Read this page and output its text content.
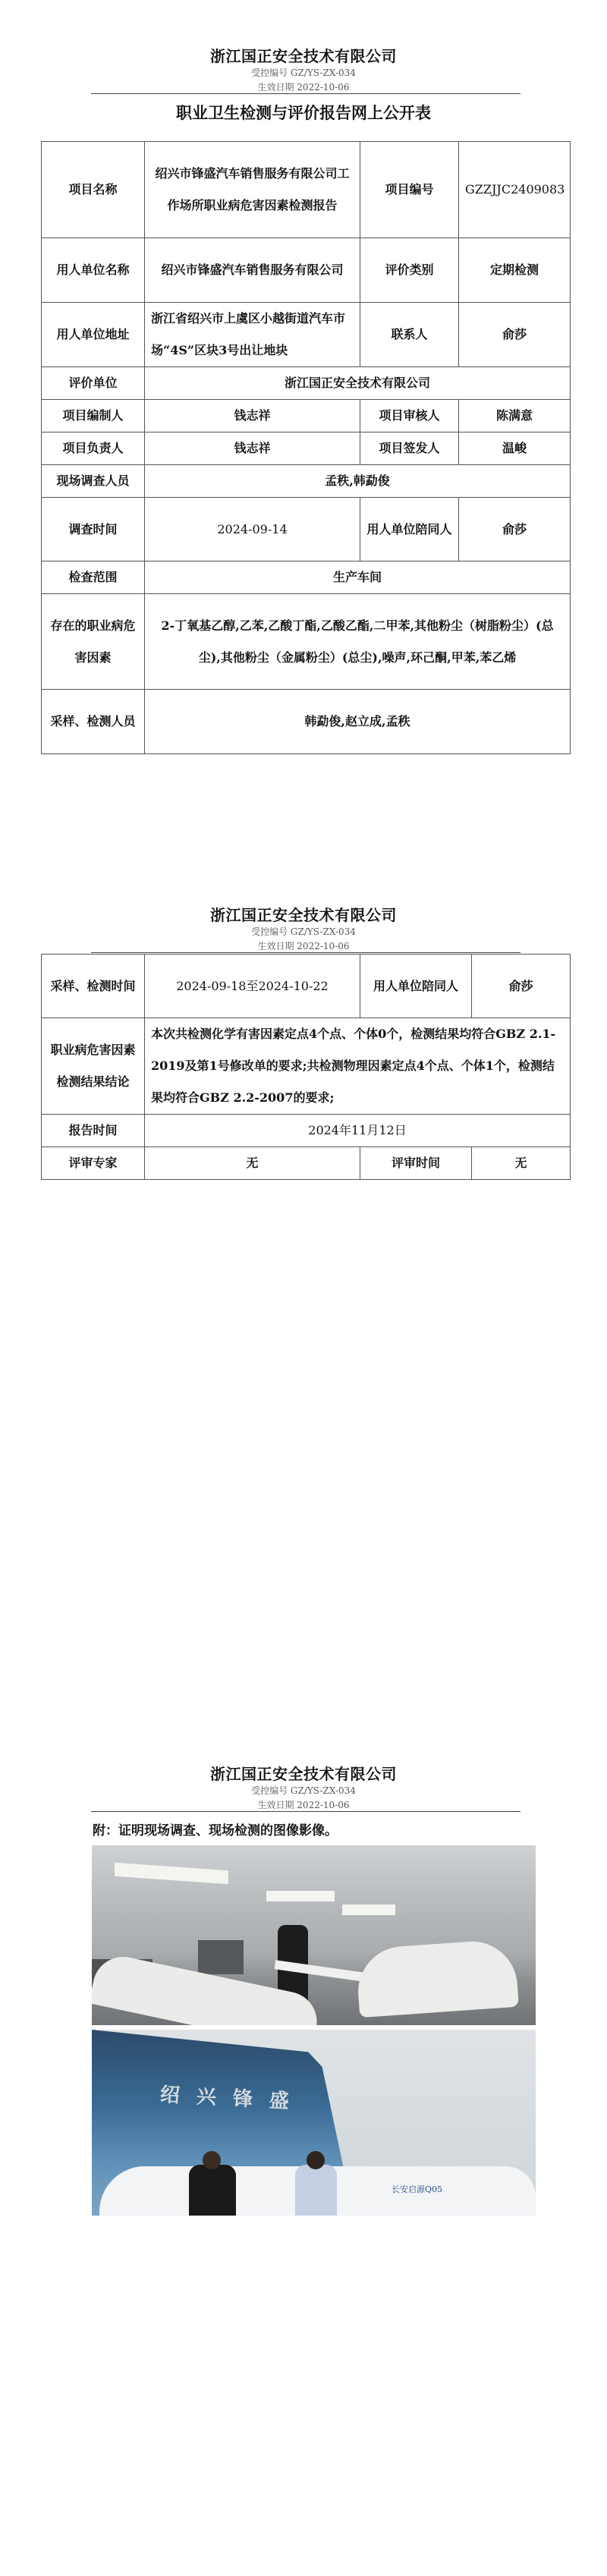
浙江国正安全技术有限公司
受控编号 GZ/YS-ZX-034
生效日期 2022-10-06
职业卫生检测与评价报告网上公开表
项目名称	绍兴市锋盛汽车销售服务有限公司工作场所职业病危害因素检测报告	项目编号	GZZJJC2409083
用人单位名称	绍兴市锋盛汽车销售服务有限公司	评价类别	定期检测
用人单位地址	浙江省绍兴市上虞区小越街道汽车市场“4S”区块3号出让地块	联系人	俞莎
评价单位	浙江国正安全技术有限公司		
项目编制人	钱志祥	项目审核人	陈满意
项目负责人	钱志祥	项目签发人	温峻
现场调查人员	孟秩,韩勐俊		
调查时间	2024-09-14	用人单位陪同人	俞莎
检查范围	生产车间		
存在的职业病危害因素	2-丁氧基乙醇,乙苯,乙酸丁酯,乙酸乙酯,二甲苯,其他粉尘（树脂粉尘）(总尘),其他粉尘（金属粉尘）(总尘),噪声,环己酮,甲苯,苯乙烯		
采样、检测人员	韩勐俊,赵立成,孟秩		
浙江国正安全技术有限公司
受控编号 GZ/YS-ZX-034
生效日期 2022-10-06
采样、检测时间	2024-09-18至2024-10-22	用人单位陪同人	俞莎
职业病危害因素检测结果结论	本次共检测化学有害因素定点4个点、个体0个，检测结果均符合GBZ 2.1-2019及第1号修改单的要求;共检测物理因素定点4个点、个体1个，检测结果均符合GBZ 2.2-2007的要求;		
报告时间	2024年11月12日		
评审专家	无	评审时间	无
浙江国正安全技术有限公司
受控编号 GZ/YS-ZX-034
生效日期 2022-10-06
附：证明现场调查、现场检测的图像影像。
绍兴锋盛
长安启源Q05
